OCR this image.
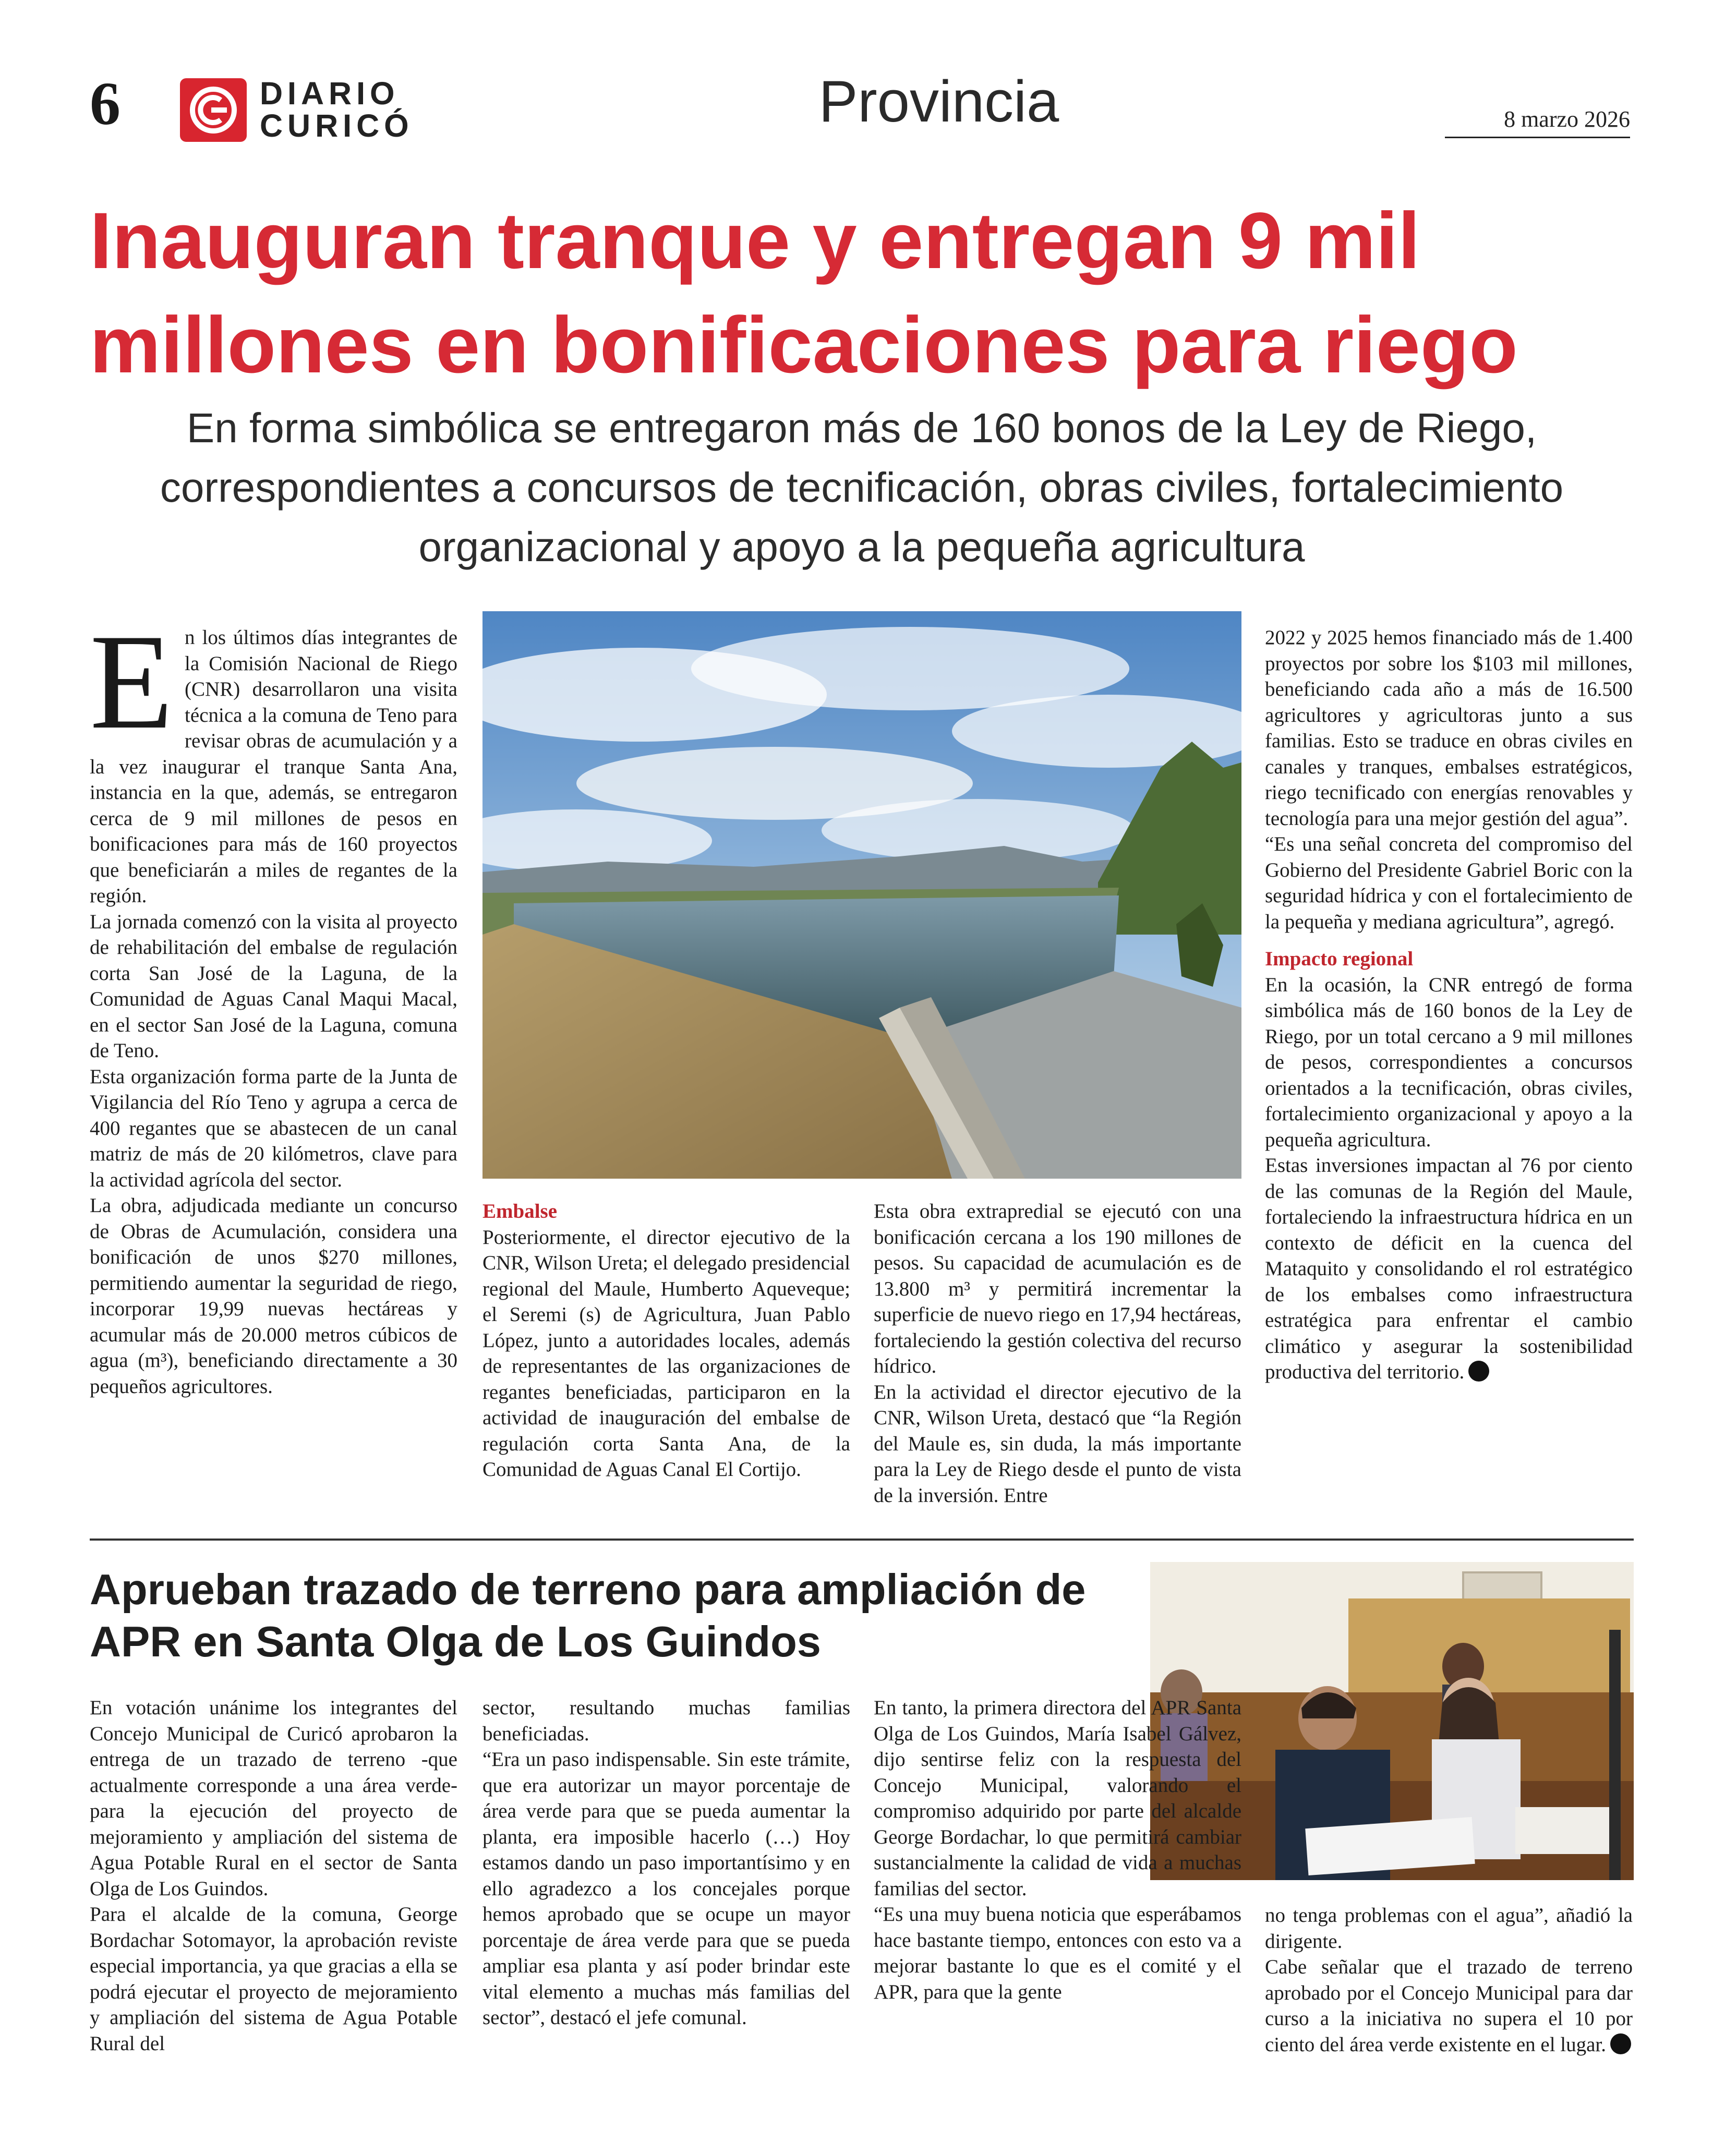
6	DIARIO
CURICÓ	Provincia	8 marzo 2026
Inauguran tranque y entregan 9 mil millones en bonificaciones para riego
En forma simbólica se entregaron más de 160 bonos de la Ley de Riego, correspondientes a concursos de tecnificación, obras civiles, fortalecimiento organizacional y apoyo a la pequeña agricultura

En los últimos días integrantes de la Comisión Nacional de Riego (CNR) desarrollaron una visita técnica a la comuna de Teno para revisar obras de acumulación y a la vez inaugurar el tranque Santa Ana, instancia en la que, además, se entregaron cerca de 9 mil millones de pesos en bonificaciones para más de 160 proyectos que beneficiarán a miles de regantes de la región.

La jornada comenzó con la visita al proyecto de rehabilitación del embalse de regulación corta San José de la Laguna, de la Comunidad de Aguas Canal Maqui Macal, en el sector San José de la Laguna, comuna de Teno.

Esta organización forma parte de la Junta de Vigilancia del Río Teno y agrupa a cerca de 400 regantes que se abastecen de un canal matriz de más de 20 kilómetros, clave para la actividad agrícola del sector.

La obra, adjudicada mediante un concurso de Obras de Acumulación, considera una bonificación de unos $270 millones, permitiendo aumentar la seguridad de riego, incorporar 19,99 nuevas hectáreas y acumular más de 20.000 metros cúbicos de agua (m³), beneficiando directamente a 30 pequeños agricultores.

Embalse

Posteriormente, el director ejecutivo de la CNR, Wilson Ureta; el delegado presidencial regional del Maule, Humberto Aqueveque; el Seremi (s) de Agricultura, Juan Pablo López, junto a autoridades locales, además de representantes de las organizaciones de regantes beneficiadas, participaron en la actividad de inauguración del embalse de regulación corta Santa Ana, de la Comunidad de Aguas Canal El Cortijo.

Esta obra extrapredial se ejecutó con una bonificación cercana a los 190 millones de pesos. Su capacidad de acumulación es de 13.800 m³ y permitirá incrementar la superficie de nuevo riego en 17,94 hectáreas, fortaleciendo la gestión colectiva del recurso hídrico.

En la actividad el director ejecutivo de la CNR, Wilson Ureta, destacó que “la Región del Maule es, sin duda, la más importante para la Ley de Riego desde el punto de vista de la inversión. Entre

2022 y 2025 hemos financiado más de 1.400 proyectos por sobre los $103 mil millones, beneficiando cada año a más de 16.500 agricultores y agricultoras junto a sus familias. Esto se traduce en obras civiles en canales y tranques, embalses estratégicos, riego tecnificado con energías renovables y tecnología para una mejor gestión del agua”.

“Es una señal concreta del compromiso del Gobierno del Presidente Gabriel Boric con la seguridad hídrica y con el fortalecimiento de la pequeña y mediana agricultura”, agregó.

Impacto regional

En la ocasión, la CNR entregó de forma simbólica más de 160 bonos de la Ley de Riego, por un total cercano a 9 mil millones de pesos, correspondientes a concursos orientados a la tecnificación, obras civiles, fortalecimiento organizacional y apoyo a la pequeña agricultura.

Estas inversiones impactan al 76 por ciento de las comunas de la Región del Maule, fortaleciendo la infraestructura hídrica en un contexto de déficit en la cuenca del Mataquito y consolidando el rol estratégico de los embalses como infraestructura estratégica para enfrentar el cambio climático y asegurar la sostenibilidad productiva del territorio.

Aprueban trazado de terreno para ampliación de APR en Santa Olga de Los Guindos

En votación unánime los integrantes del Concejo Municipal de Curicó aprobaron la entrega de un trazado de terreno -que actualmente corresponde a una área verde- para la ejecución del proyecto de mejoramiento y ampliación del sistema de Agua Potable Rural en el sector de Santa Olga de Los Guindos.

Para el alcalde de la comuna, George Bordachar Sotomayor, la aprobación reviste especial importancia, ya que gracias a ella se podrá ejecutar el proyecto de mejoramiento y ampliación del sistema de Agua Potable Rural del

sector, resultando muchas familias beneficiadas.

“Era un paso indispensable. Sin este trámite, que era autorizar un mayor porcentaje de área verde para que se pueda aumentar la planta, era imposible hacerlo (…) Hoy estamos dando un paso importantísimo y en ello agradezco a los concejales porque hemos aprobado que se ocupe un mayor porcentaje de área verde para que se pueda ampliar esa planta y así poder brindar este vital elemento a muchas más familias del sector”, destacó el jefe comunal.

En tanto, la primera directora del APR Santa Olga de Los Guindos, María Isabel Gálvez, dijo sentirse feliz con la respuesta del Concejo Municipal, valorando el compromiso adquirido por parte del alcalde George Bordachar, lo que permitirá cambiar sustancialmente la calidad de vida a muchas familias del sector.

“Es una muy buena noticia que esperábamos hace bastante tiempo, entonces con esto va a mejorar bastante lo que es el comité y el APR, para que la gente

no tenga problemas con el agua”, añadió la dirigente.

Cabe señalar que el trazado de terreno aprobado por el Concejo Municipal para dar curso a la iniciativa no supera el 10 por ciento del área verde existente en el lugar.
